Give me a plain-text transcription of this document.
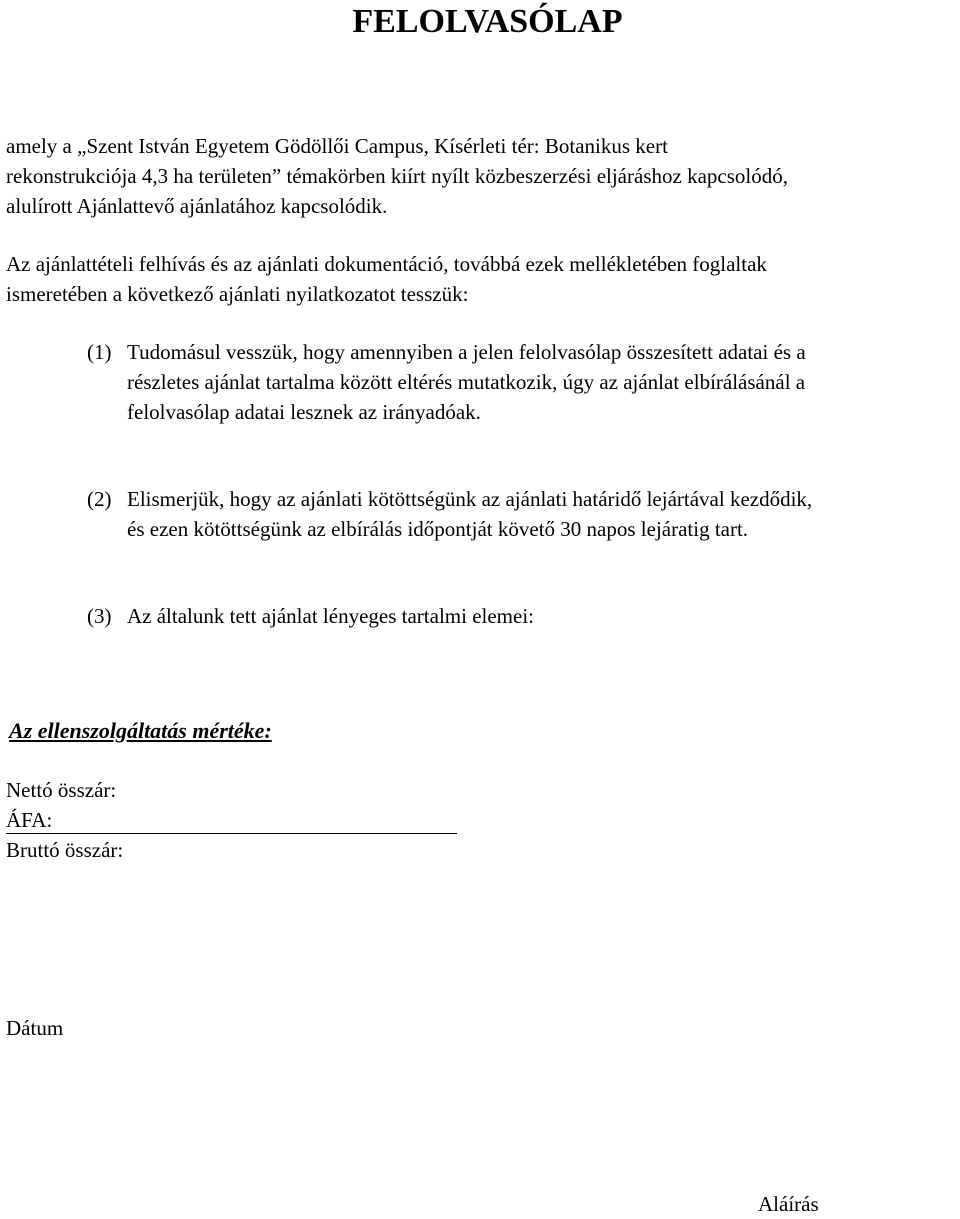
FELOLVASÓLAP
amely a „Szent István Egyetem Gödöllői Campus, Kísérleti tér: Botanikus kert
rekonstrukciója 4,3 ha területen” témakörben kiírt nyílt közbeszerzési eljáráshoz kapcsolódó,
alulírott Ajánlattevő ajánlatához kapcsolódik.
Az ajánlattételi felhívás és az ajánlati dokumentáció, továbbá ezek mellékletében foglaltak
ismeretében a következő ajánlati nyilatkozatot tesszük:
(1) Tudomásul vesszük, hogy amennyiben a jelen felolvasólap összesített adatai és a
részletes ajánlat tartalma között eltérés mutatkozik, úgy az ajánlat elbírálásánál a
felolvasólap adatai lesznek az irányadóak.
(2) Elismerjük, hogy az ajánlati kötöttségünk az ajánlati határidő lejártával kezdődik,
és ezen kötöttségünk az elbírálás időpontját követő 30 napos lejáratig tart.
(3) Az általunk tett ajánlat lényeges tartalmi elemei:
Az ellenszolgáltatás mértéke:
Nettó összár:
ÁFA:
Bruttó összár:
Dátum
Aláírás
